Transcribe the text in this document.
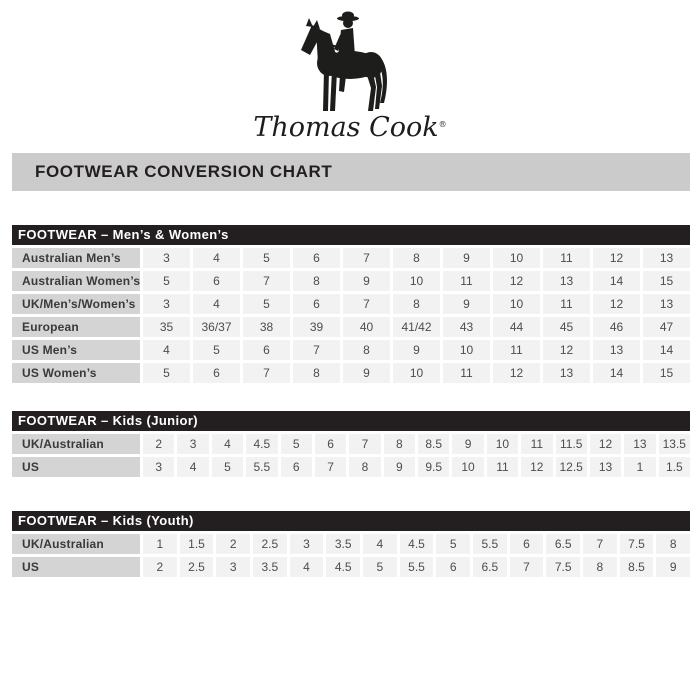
Thomas Cook®
FOOTWEAR CONVERSION CHART
FOOTWEAR – Men’s & Women’s
Australian Men’s	3	4	5	6	7	8	9	10	11	12	13
Australian Women’s	5	6	7	8	9	10	11	12	13	14	15
UK/Men’s/Women’s	3	4	5	6	7	8	9	10	11	12	13
European	35	36/37	38	39	40	41/42	43	44	45	46	47
US Men’s	4	5	6	7	8	9	10	11	12	13	14
US Women’s	5	6	7	8	9	10	11	12	13	14	15
FOOTWEAR – Kids (Junior)
UK/Australian	2	3	4	4.5	5	6	7	8	8.5	9	10	11	11.5	12	13	13.5
US	3	4	5	5.5	6	7	8	9	9.5	10	11	12	12.5	13	1	1.5
FOOTWEAR – Kids (Youth)
UK/Australian	1	1.5	2	2.5	3	3.5	4	4.5	5	5.5	6	6.5	7	7.5	8
US	2	2.5	3	3.5	4	4.5	5	5.5	6	6.5	7	7.5	8	8.5	9
